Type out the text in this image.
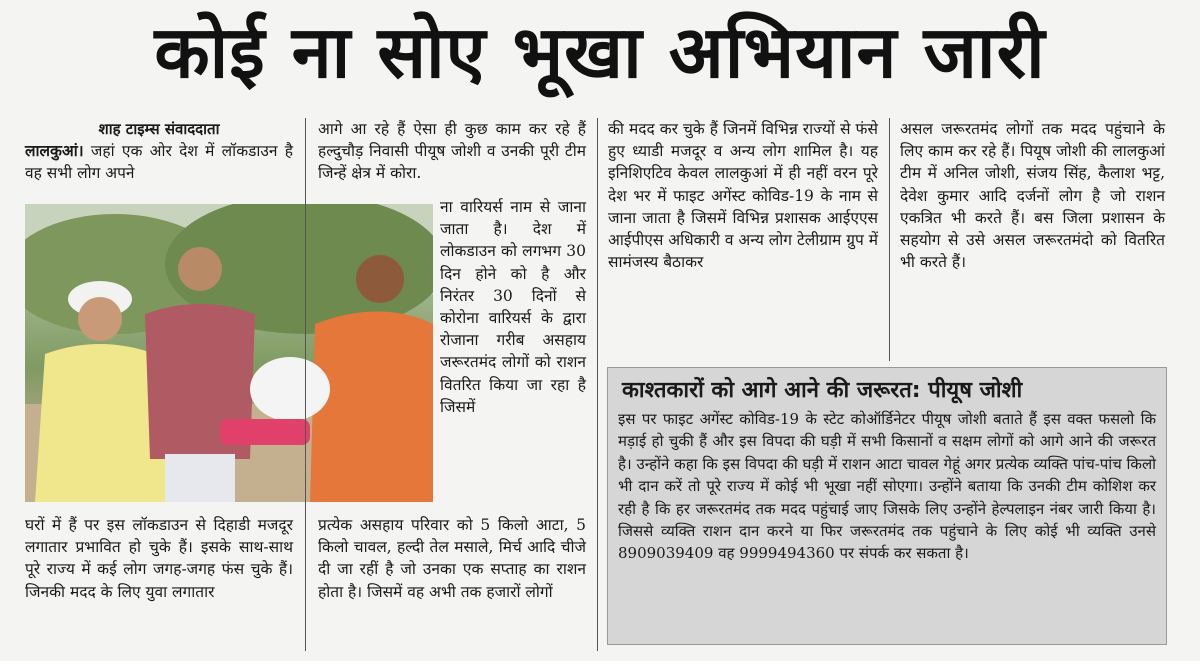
कोई ना सोए भूखा अभियान जारी

शाह टाइम्स संवाददाता

लालकुआं। जहां एक ओर देश में लॉकडाउन है वह सभी लोग अपने

घरों में हैं पर इस लॉकडाउन से दिहाडी मजदूर लगातार प्रभावित हो चुके हैं। इसके साथ-साथ पूरे राज्य में कई लोग जगह-जगह फंस चुके हैं। जिनकी मदद के लिए युवा लगातार
आगे आ रहे हैं ऐसा ही कुछ काम कर रहे हैं हल्दुचौड़ निवासी पीयूष जोशी व उनकी पूरी टीम जिन्हें क्षेत्र में कोरा.
ना वारियर्स नाम से जाना जाता है। देश में लोकडाउन को लगभग 30 दिन होने को है और निरंतर 30 दिनों से कोरोना वारियर्स के द्वारा रोजाना गरीब असहाय जरूरतमंद लोगों को राशन वितरित किया जा रहा है जिसमें
प्रत्येक असहाय परिवार को 5 किलो आटा, 5 किलो चावल, हल्दी तेल मसाले, मिर्च आदि चीजे दी जा रहीं है जो उनका एक सप्ताह का राशन होता है। जिसमें वह अभी तक हजारों लोगों
की मदद कर चुके हैं जिनमें विभिन्न राज्यों से फंसे हुए ध्याडी मजदूर व अन्य लोग शामिल है। यह इनिशिएटिव केवल लालकुआं में ही नहीं वरन पूरे देश भर में फाइट अगेंस्ट कोविड-19 के नाम से जाना जाता है जिसमें विभिन्न प्रशासक आईएएस आईपीएस अधिकारी व अन्य लोग टेलीग्राम ग्रुप में सामंजस्य बैठाकर
असल जरूरतमंद लोगों तक मदद पहुंचाने के लिए काम कर रहे हैं। पियूष जोशी की लालकुआं टीम में अनिल जोशी, संजय सिंह, कैलाश भट्ट, देवेश कुमार आदि दर्जनों लोग है जो राशन एकत्रित भी करते हैं। बस जिला प्रशासन के सहयोग से उसे असल जरूरतमंदो को वितरित भी करते हैं।
काश्तकारों को आगे आने की जरूरत: पीयूष जोशी
इस पर फाइट अगेंस्ट कोविड-19 के स्टेट कोऑर्डिनेटर पीयूष जोशी बताते हैं इस वक्त फसलो कि मड़ाई हो चुकी हैं और इस विपदा की घड़ी में सभी किसानों व सक्षम लोगों को आगे आने की जरूरत है। उन्होंने कहा कि इस विपदा की घड़ी में राशन आटा चावल गेहूं अगर प्रत्येक व्यक्ति पांच-पांच किलो भी दान करें तो पूरे राज्य में कोई भी भूखा नहीं सोएगा। उन्होंने बताया कि उनकी टीम कोशिश कर रही है कि हर जरूरतमंद तक मदद पहुंचाई जाए जिसके लिए उन्होंने हेल्पलाइन नंबर जारी किया है। जिससे व्यक्ति राशन दान करने या फिर जरूरतमंद तक पहुंचाने के लिए कोई भी व्यक्ति उनसे 8909039409 वह 9999494360 पर संपर्क कर सकता है।
